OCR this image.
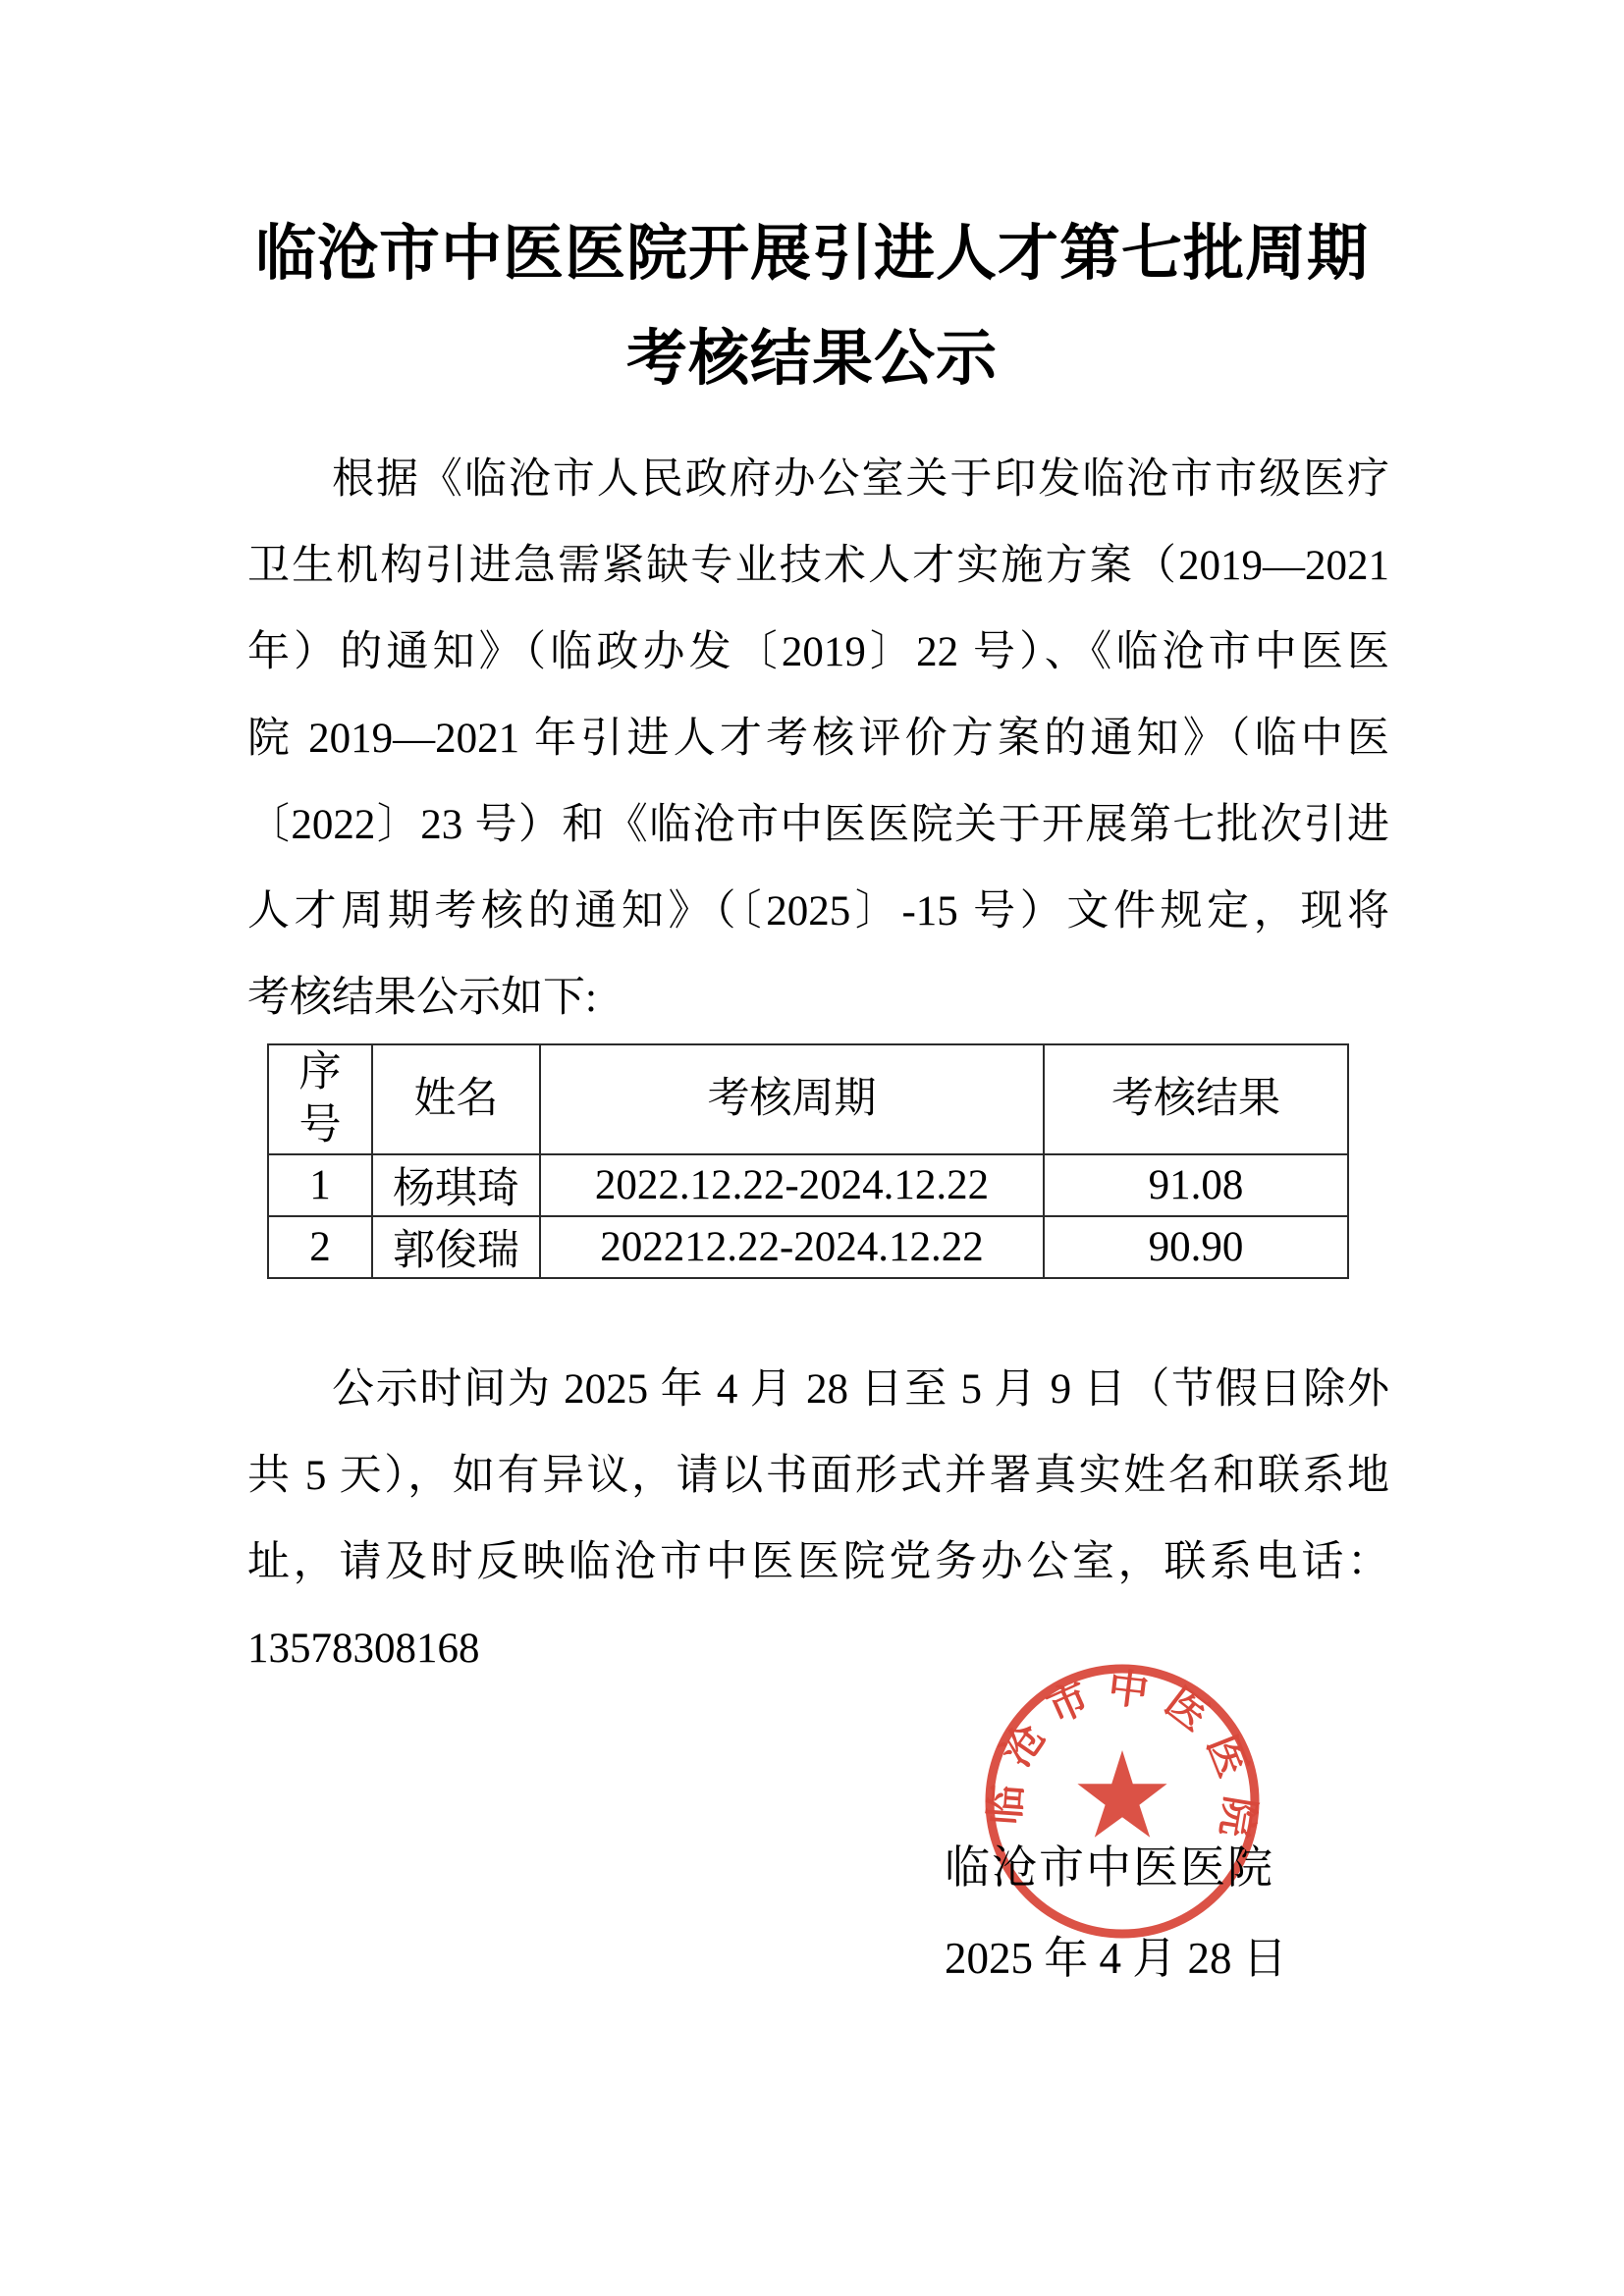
临沧市中医医院开展引进人才第七批周期
考核结果公示
根据《临沧市人民政府办公室关于印发临沧市市级医疗
卫生机构引进急需紧缺专业技术人才实施方案（2019—2021
年）的通知》（临政办发〔2019〕22 号）、《临沧市中医医
院 2019—2021 年引进人才考核评价方案的通知》（临中医
〔2022〕23 号）和《临沧市中医医院关于开展第七批次引进
人才周期考核的通知》（〔2025〕-15 号）文件规定，现将
考核结果公示如下:
序号	姓名	考核周期	考核结果
1	杨琪琦	2022.12.22-2024.12.22	91.08
2	郭俊瑞	202212.22-2024.12.22	90.90
公示时间为 2025 年 4 月 28 日至 5 月 9 日（节假日除外
共 5 天），如有异议，请以书面形式并署真实姓名和联系地
址，请及时反映临沧市中医医院党务办公室，联系电话：
13578308168
临沧市中医医院
临沧市中医医院
2025 年 4 月 28 日
